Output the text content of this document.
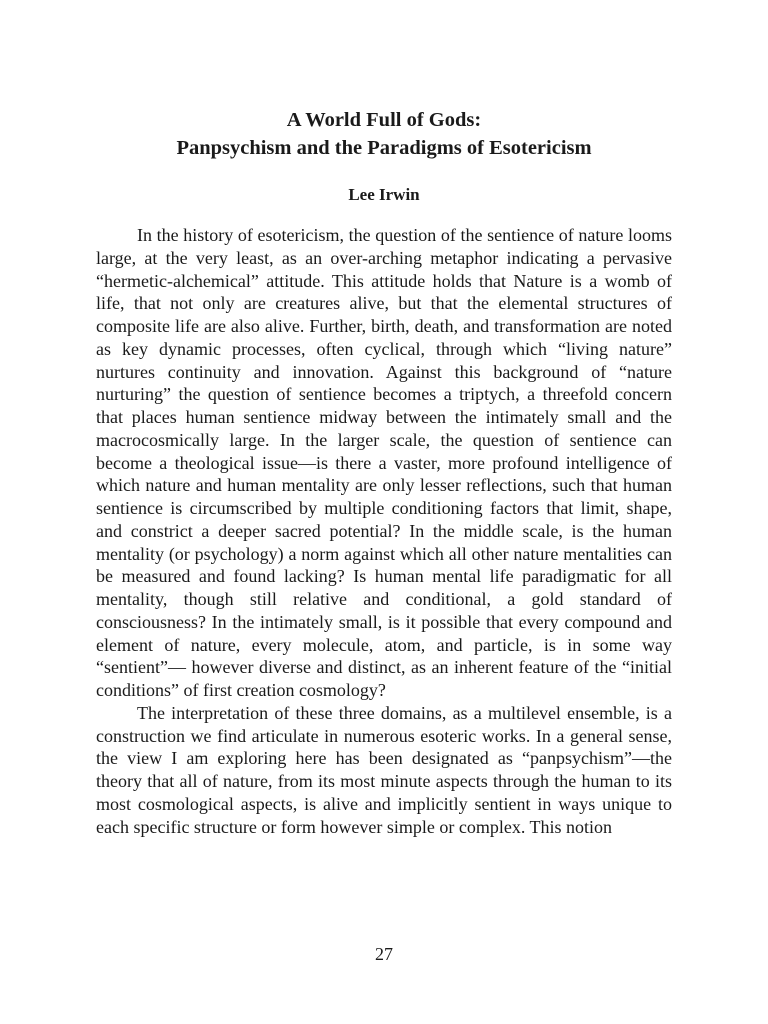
A World Full of Gods:
Panpsychism and the Paradigms of Esotericism

Lee Irwin

In the history of esotericism, the question of the sentience of nature looms large, at the very least, as an over-arching metaphor indicating a pervasive “hermetic-alchemical” attitude. This attitude holds that Nature is a womb of life, that not only are creatures alive, but that the elemental structures of composite life are also alive. Further, birth, death, and transformation are noted as key dynamic processes, often cyclical, through which “living nature” nurtures continuity and innovation. Against this background of “nature nurturing” the question of sentience becomes a triptych, a threefold concern that places human sentience midway between the intimately small and the macrocosmically large. In the larger scale, the question of sentience can become a theological issue—is there a vaster, more profound intelligence of which nature and human mentality are only lesser reflections, such that human sentience is circumscribed by multiple conditioning factors that limit, shape, and constrict a deeper sacred potential? In the middle scale, is the human mentality (or psychology) a norm against which all other nature mentalities can be measured and found lacking? Is human mental life paradigmatic for all mentality, though still relative and conditional, a gold standard of consciousness? In the intimately small, is it possible that every compound and element of nature, every molecule, atom, and particle, is in some way “sentient”— however diverse and distinct, as an inherent feature of the “initial conditions” of first creation cosmology?

The interpretation of these three domains, as a multilevel ensemble, is a construction we find articulate in numerous esoteric works. In a general sense, the view I am exploring here has been designated as “panpsychism”—the theory that all of nature, from its most minute aspects through the human to its most cosmological aspects, is alive and implicitly sentient in ways unique to each specific structure or form however simple or complex. This notion

27
